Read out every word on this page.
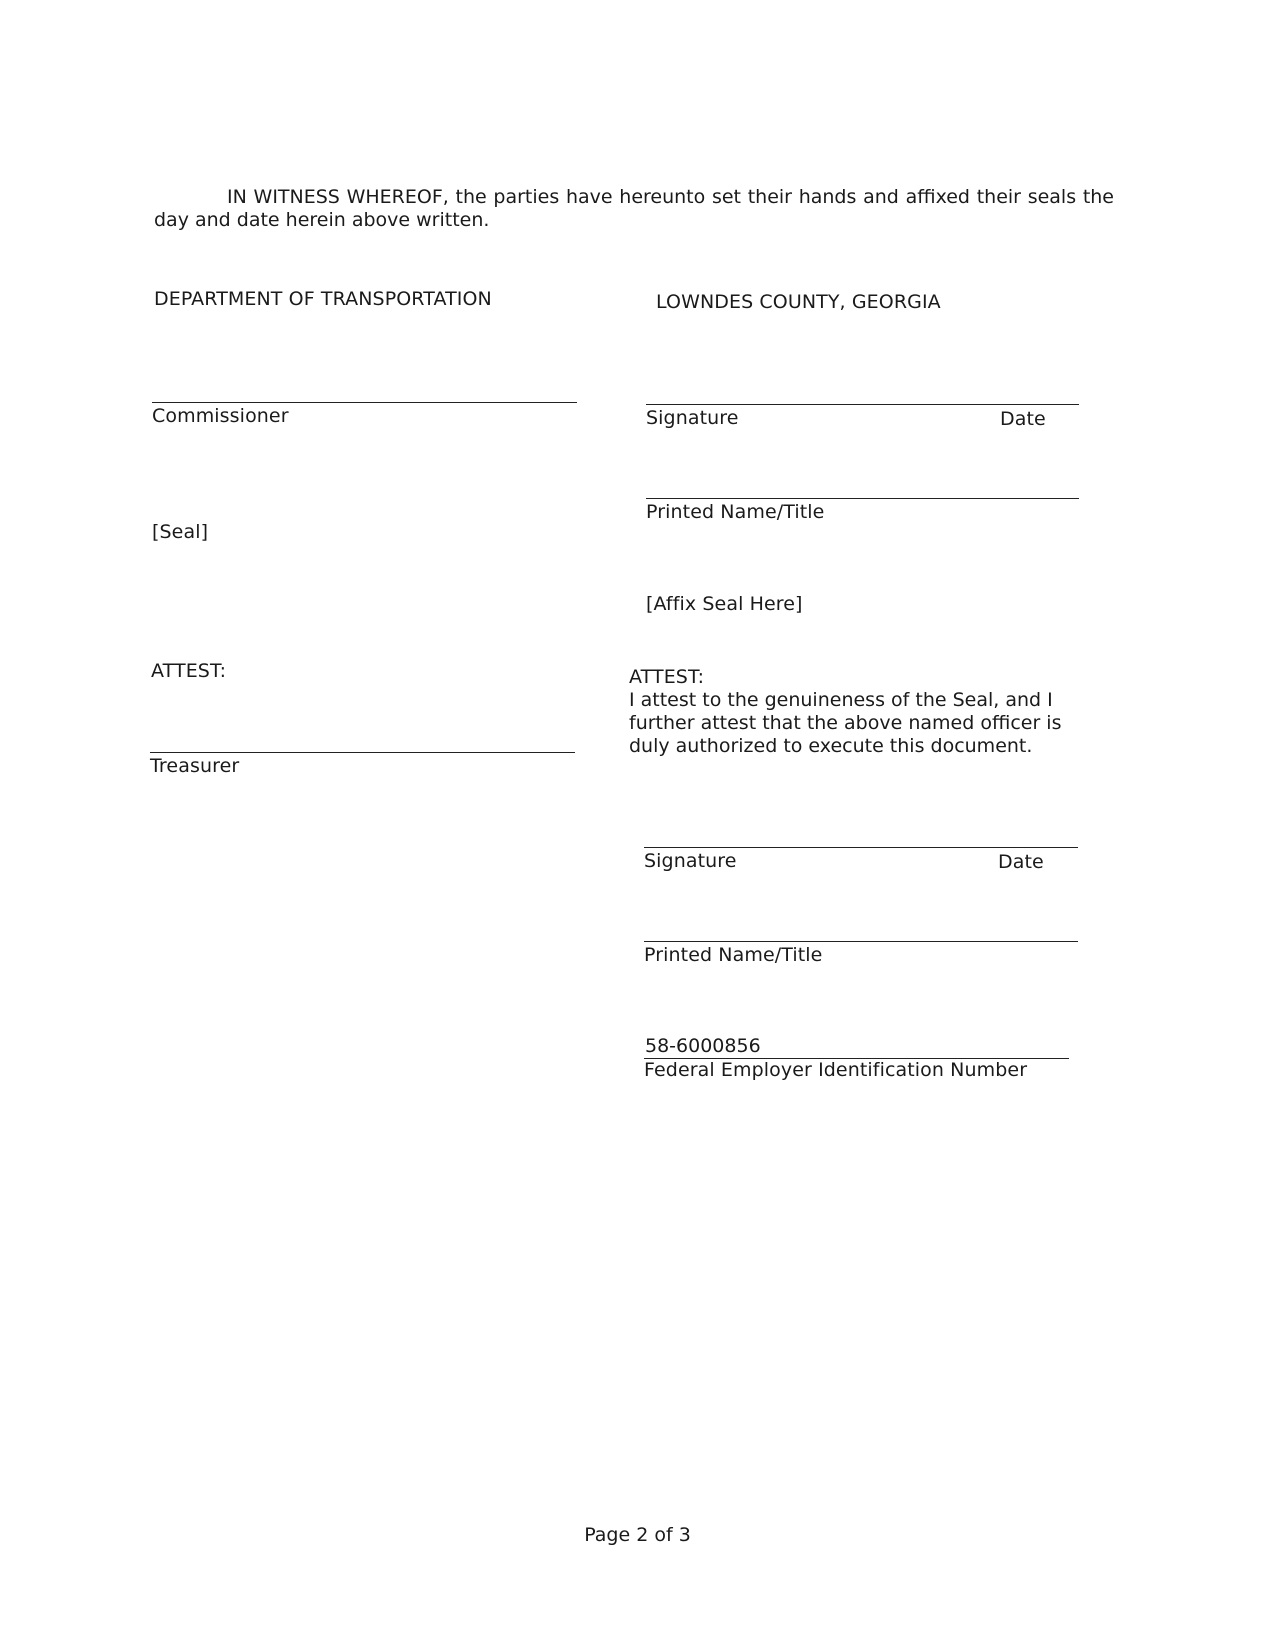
IN WITNESS WHEREOF, the parties have hereunto set their hands and affixed their seals the day and date herein above written.
DEPARTMENT OF TRANSPORTATION	LOWNDES COUNTY, GEORGIA
Commissioner	Signature	Date
Printed Name/Title
[Seal]
[Affix Seal Here]
ATTEST:
Treasurer
ATTEST:
I attest to the genuineness of the Seal, and I further attest that the above named officer is duly authorized to execute this document.
Signature	Date
Printed Name/Title
58-6000856
Federal Employer Identification Number
Page 2 of 3
